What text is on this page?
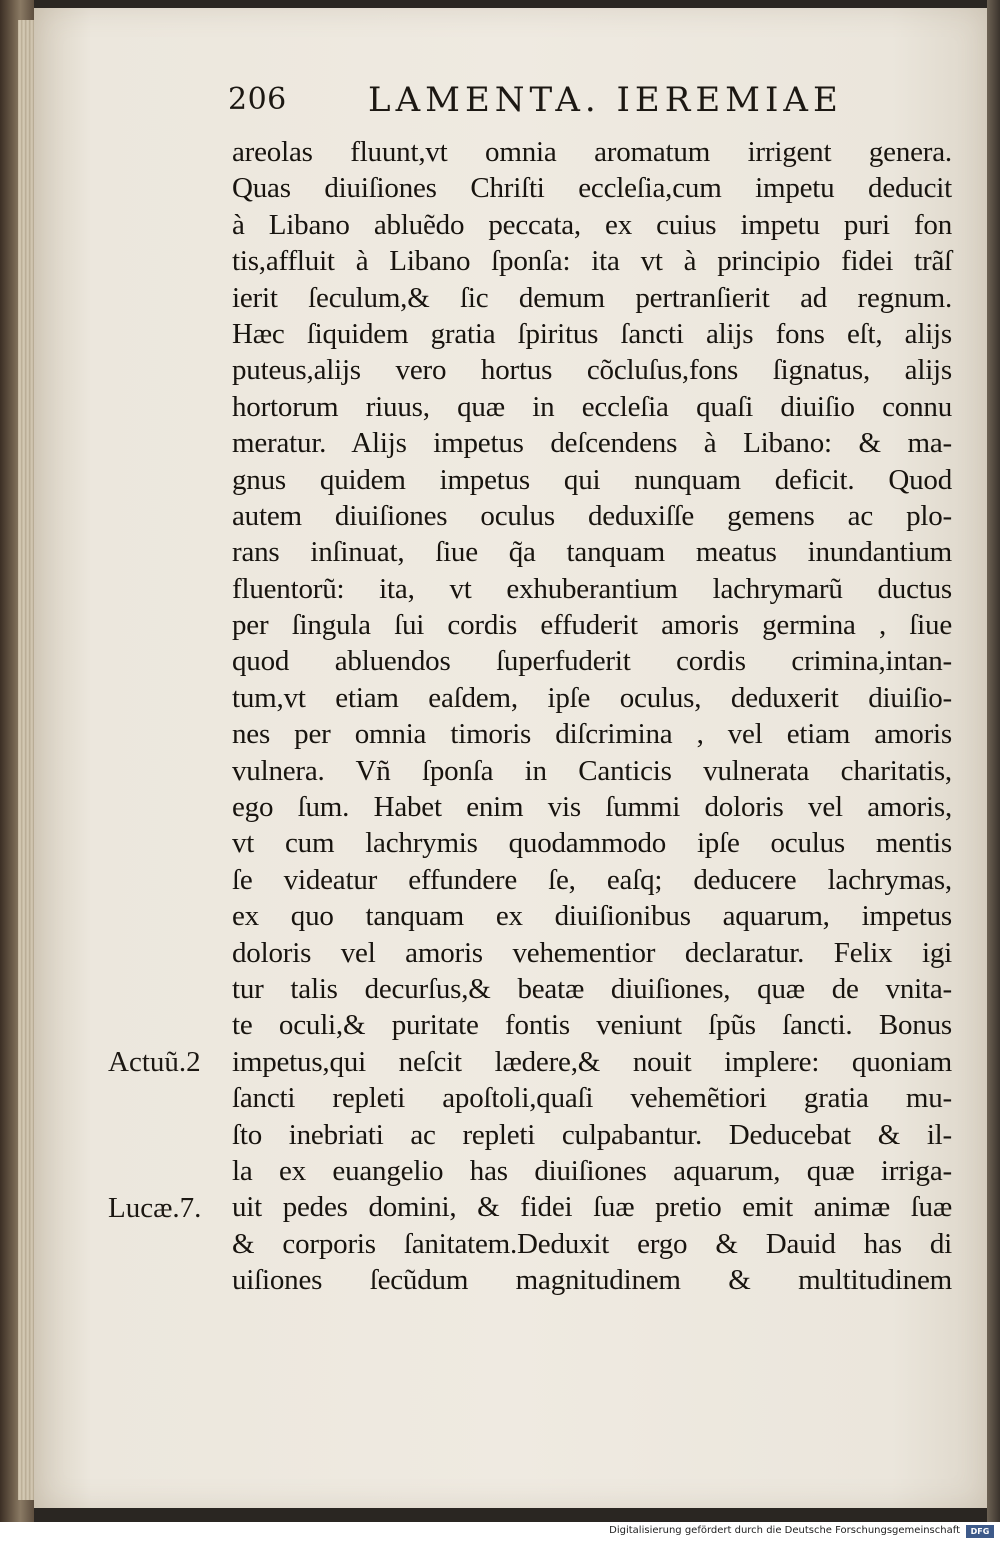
206 LAMENTA. IEREMIAE
areolas fluunt,vt omnia aromatum irrigent genera.
Quas diuiſiones Chriſti eccleſia,cum impetu deducit
à Libano abluẽdo peccata, ex cuius impetu puri fon
tis,affluit à Libano ſponſa: ita vt à principio fidei trãſ
ierit ſeculum,& ſic demum pertranſierit ad regnum.
Hæc ſiquidem gratia ſpiritus ſancti alijs fons eſt, alijs
puteus,alijs vero hortus cõcluſus,fons ſignatus, alijs
hortorum riuus, quæ in eccleſia quaſi diuiſio connu
meratur. Alijs impetus deſcendens à Libano: & ma-
gnus quidem impetus qui nunquam deficit. Quod
autem diuiſiones oculus deduxiſſe gemens ac plo-
rans inſinuat, ſiue q̃a tanquam meatus inundantium
fluentorũ: ita, vt exhuberantium lachrymarũ ductus
per ſingula ſui cordis effuderit amoris germina , ſiue
quod abluendos ſuperfuderit cordis crimina,intan-
tum,vt etiam eaſdem, ipſe oculus, deduxerit diuiſio-
nes per omnia timoris diſcrimina , vel etiam amoris
vulnera. Vñ ſponſa in Canticis vulnerata charitatis,
ego ſum. Habet enim vis ſummi doloris vel amoris,
vt cum lachrymis quodammodo ipſe oculus mentis
ſe videatur effundere ſe, eaſq; deducere lachrymas,
ex quo tanquam ex diuiſionibus aquarum, impetus
doloris vel amoris vehementior declaratur. Felix igi
tur talis decurſus,& beatæ diuiſiones, quæ de vnita-
te oculi,& puritate fontis veniunt ſpũs ſancti. Bonus
impetus,qui neſcit lædere,& nouit implere: quoniam
ſancti repleti apoſtoli,quaſi vehemẽtiori gratia mu-
ſto inebriati ac repleti culpabantur. Deducebat & il-
la ex euangelio has diuiſiones aquarum, quæ irriga-
uit pedes domini, & fidei ſuæ pretio emit animæ ſuæ
& corporis ſanitatem.Deduxit ergo & Dauid has di
uiſiones ſecũdum magnitudinem & multitudinem
Actuũ.2
Lucæ.7.
Digitalisierung gefördert durch die Deutsche Forschungsgemeinschaft	DFG
